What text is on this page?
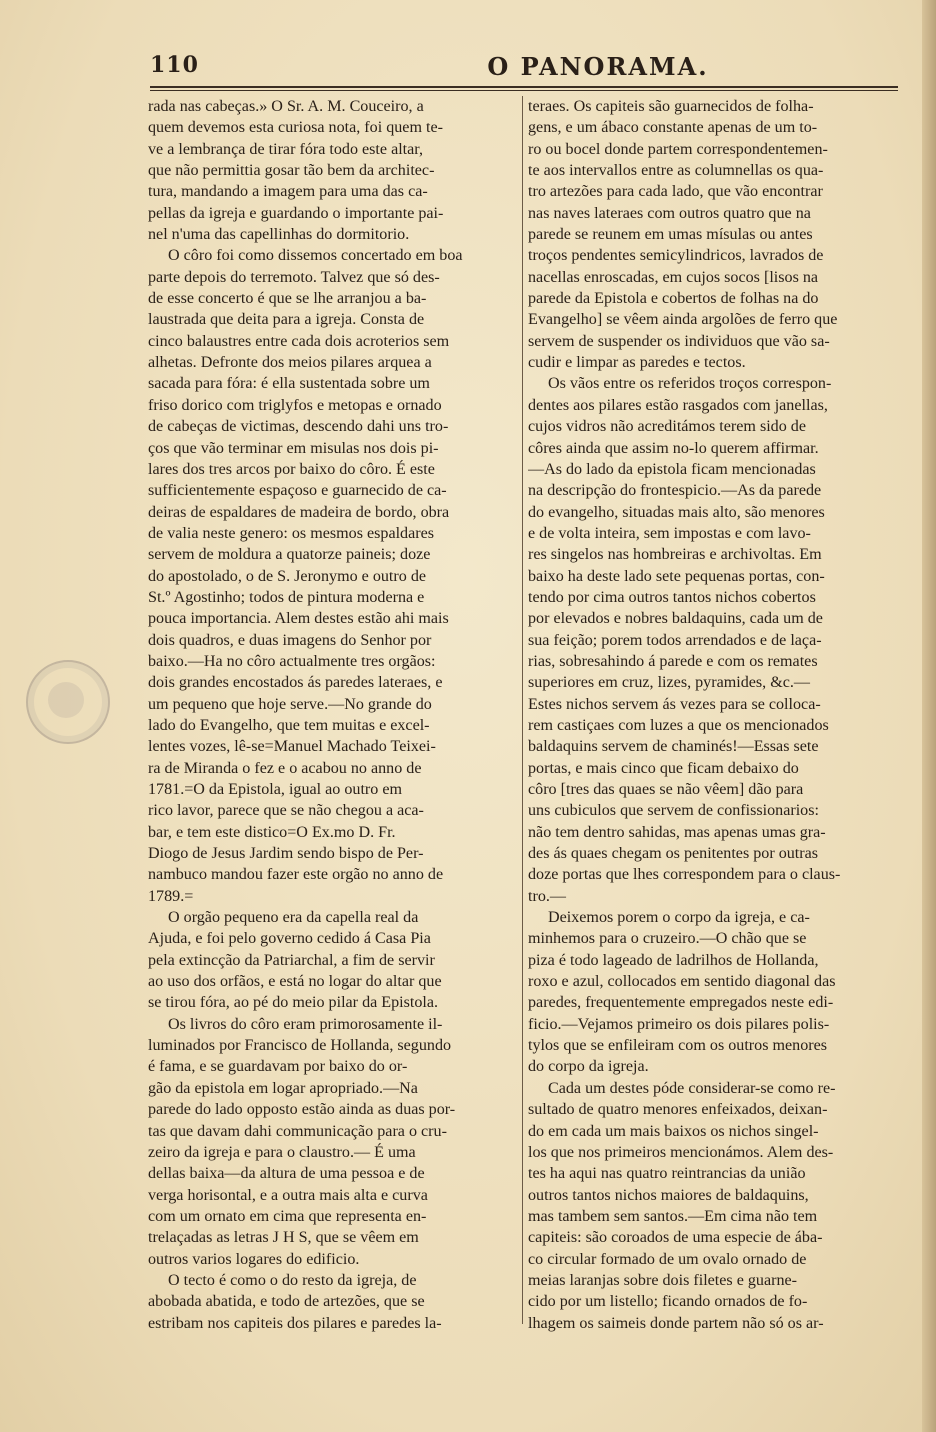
110	O PANORAMA.
rada nas cabeças.» O Sr. A. M. Couceiro, a
quem devemos esta curiosa nota, foi quem te-
ve a lembrança de tirar fóra todo este altar,
que não permittia gosar tão bem da architec-
tura, mandando a imagem para uma das ca-
pellas da igreja e guardando o importante pai-
nel n'uma das capellinhas do dormitorio.
O côro foi como dissemos concertado em boa
parte depois do terremoto. Talvez que só des-
de esse concerto é que se lhe arranjou a ba-
laustrada que deita para a igreja. Consta de
cinco balaustres entre cada dois acroterios sem
alhetas. Defronte dos meios pilares arquea a
sacada para fóra: é ella sustentada sobre um
friso dorico com triglyfos e metopas e ornado
de cabeças de victimas, descendo dahi uns tro-
ços que vão terminar em misulas nos dois pi-
lares dos tres arcos por baixo do côro. É este
sufficientemente espaçoso e guarnecido de ca-
deiras de espaldares de madeira de bordo, obra
de valia neste genero: os mesmos espaldares
servem de moldura a quatorze paineis; doze
do apostolado, o de S. Jeronymo e outro de
St.º Agostinho; todos de pintura moderna e
pouca importancia. Alem destes estão ahi mais
dois quadros, e duas imagens do Senhor por
baixo.—Ha no côro actualmente tres orgãos:
dois grandes encostados ás paredes lateraes, e
um pequeno que hoje serve.—No grande do
lado do Evangelho, que tem muitas e excel-
lentes vozes, lê-se=Manuel Machado Teixei-
ra de Miranda o fez e o acabou no anno de
1781.=O da Epistola, igual ao outro em
rico lavor, parece que se não chegou a aca-
bar, e tem este distico=O Ex.mo D. Fr.
Diogo de Jesus Jardim sendo bispo de Per-
nambuco mandou fazer este orgão no anno de
1789.=
O orgão pequeno era da capella real da
Ajuda, e foi pelo governo cedido á Casa Pia
pela extincção da Patriarchal, a fim de servir
ao uso dos orfãos, e está no logar do altar que
se tirou fóra, ao pé do meio pilar da Epistola.
Os livros do côro eram primorosamente il-
luminados por Francisco de Hollanda, segundo
é fama, e se guardavam por baixo do or-
gão da epistola em logar apropriado.—Na
parede do lado opposto estão ainda as duas por-
tas que davam dahi communicação para o cru-
zeiro da igreja e para o claustro.— É uma
dellas baixa—da altura de uma pessoa e de
verga horisontal, e a outra mais alta e curva
com um ornato em cima que representa en-
trelaçadas as letras J H S, que se vêem em
outros varios logares do edificio.
O tecto é como o do resto da igreja, de
abobada abatida, e todo de artezões, que se
estribam nos capiteis dos pilares e paredes la-
teraes. Os capiteis são guarnecidos de folha-
gens, e um ábaco constante apenas de um to-
ro ou bocel donde partem correspondentemen-
te aos intervallos entre as columnellas os qua-
tro artezões para cada lado, que vão encontrar
nas naves lateraes com outros quatro que na
parede se reunem em umas mísulas ou antes
troços pendentes semicylindricos, lavrados de
nacellas enroscadas, em cujos socos [lisos na
parede da Epistola e cobertos de folhas na do
Evangelho] se vêem ainda argolões de ferro que
servem de suspender os individuos que vão sa-
cudir e limpar as paredes e tectos.
Os vãos entre os referidos troços correspon-
dentes aos pilares estão rasgados com janellas,
cujos vidros não acreditámos terem sido de
côres ainda que assim no-lo querem affirmar.
—As do lado da epistola ficam mencionadas
na descripção do frontespicio.—As da parede
do evangelho, situadas mais alto, são menores
e de volta inteira, sem impostas e com lavo-
res singelos nas hombreiras e archivoltas. Em
baixo ha deste lado sete pequenas portas, con-
tendo por cima outros tantos nichos cobertos
por elevados e nobres baldaquins, cada um de
sua feição; porem todos arrendados e de laça-
rias, sobresahindo á parede e com os remates
superiores em cruz, lizes, pyramides, &c.—
Estes nichos servem ás vezes para se colloca-
rem castiçaes com luzes a que os mencionados
baldaquins servem de chaminés!—Essas sete
portas, e mais cinco que ficam debaixo do
côro [tres das quaes se não vêem] dão para
uns cubiculos que servem de confissionarios:
não tem dentro sahidas, mas apenas umas gra-
des ás quaes chegam os penitentes por outras
doze portas que lhes correspondem para o claus-
tro.—
Deixemos porem o corpo da igreja, e ca-
minhemos para o cruzeiro.—O chão que se
piza é todo lageado de ladrilhos de Hollanda,
roxo e azul, collocados em sentido diagonal das
paredes, frequentemente empregados neste edi-
ficio.—Vejamos primeiro os dois pilares polis-
tylos que se enfileiram com os outros menores
do corpo da igreja.
Cada um destes póde considerar-se como re-
sultado de quatro menores enfeixados, deixan-
do em cada um mais baixos os nichos singel-
los que nos primeiros mencionámos. Alem des-
tes ha aqui nas quatro reintrancias da união
outros tantos nichos maiores de baldaquins,
mas tambem sem santos.—Em cima não tem
capiteis: são coroados de uma especie de ába-
co circular formado de um ovalo ornado de
meias laranjas sobre dois filetes e guarne-
cido por um listello; ficando ornados de fo-
lhagem os saimeis donde partem não só os ar-
